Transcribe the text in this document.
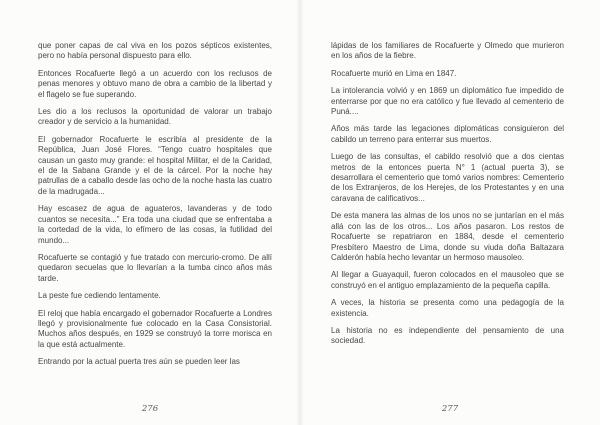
que poner capas de cal viva en los pozos sépticos existentes, pero no había personal dispuesto para ello.

Entonces Rocafuerte llegó a un acuerdo con los reclusos de penas menores y obtuvo mano de obra a cambio de la libertad y el flagelo se fue superando.

Les dio a los reclusos la oportunidad de valorar un trabajo creador y de servicio a la humanidad.

El gobernador Rocafuerte le escribía al presidente de la República, Juan José Flores. “Tengo cuatro hospitales que causan un gasto muy grande: el hospital Militar, el de la Caridad, el de la Sabana Grande y el de la cárcel. Por la noche hay patrullas de a caballo desde las ocho de la noche hasta las cuatro de la madrugada...

Hay escasez de agua de aguateros, lavanderas y de todo cuantos se necesita...” Era toda una ciudad que se enfrentaba a la cortedad de la vida, lo efímero de las cosas, la futilidad del mundo...

Rocafuerte se contagió y fue tratado con mercurio-cromo. De allí quedaron secuelas que lo llevarían a la tumba cinco años más tarde.

La peste fue cediendo lentamente.

El reloj que había encargado el gobernador Rocafuerte a Londres llegó y provisionalmente fue colocado en la Casa Consistorial. Muchos años después, en 1929 se construyó la torre morisca en la que está actualmente.

Entrando por la actual puerta tres aún se pueden leer las

276

lápidas de los familiares de Rocafuerte y Olmedo que murieron en los años de la fiebre.

Rocafuerte murió en Lima en 1847.

La intolerancia volvió y en 1869 un diplomático fue impedido de enterrarse por que no era católico y fue llevado al cementerio de Puná....

Años más tarde las legaciones diplomáticas consiguieron del cabildo un terreno para enterrar sus muertos.

Luego de las consultas, el cabildo resolvió que a dos cientas metros de la entonces puerta N° 1 (actual puerta 3), se desarrollara el cementerio que tomó varios nombres: Cementerio de los Extranjeros, de los Herejes, de los Protestantes y en una caravana de calificativos...

De esta manera las almas de los unos no se juntarían en el más allá con las de los otros... Los años pasaron. Los restos de Rocafuerte se repatriaron en 1884, desde el cementerio Presbítero Maestro de Lima, donde su viuda doña Baltazara Calderón había hecho levantar un hermoso mausoleo.

Al llegar a Guayaquil, fueron colocados en el mausoleo que se construyó en el antiguo emplazamiento de la pequeña capilla.

A veces, la historia se presenta como una pedagogía de la existencia.

La historia no es independiente del pensamiento de una sociedad.

277
